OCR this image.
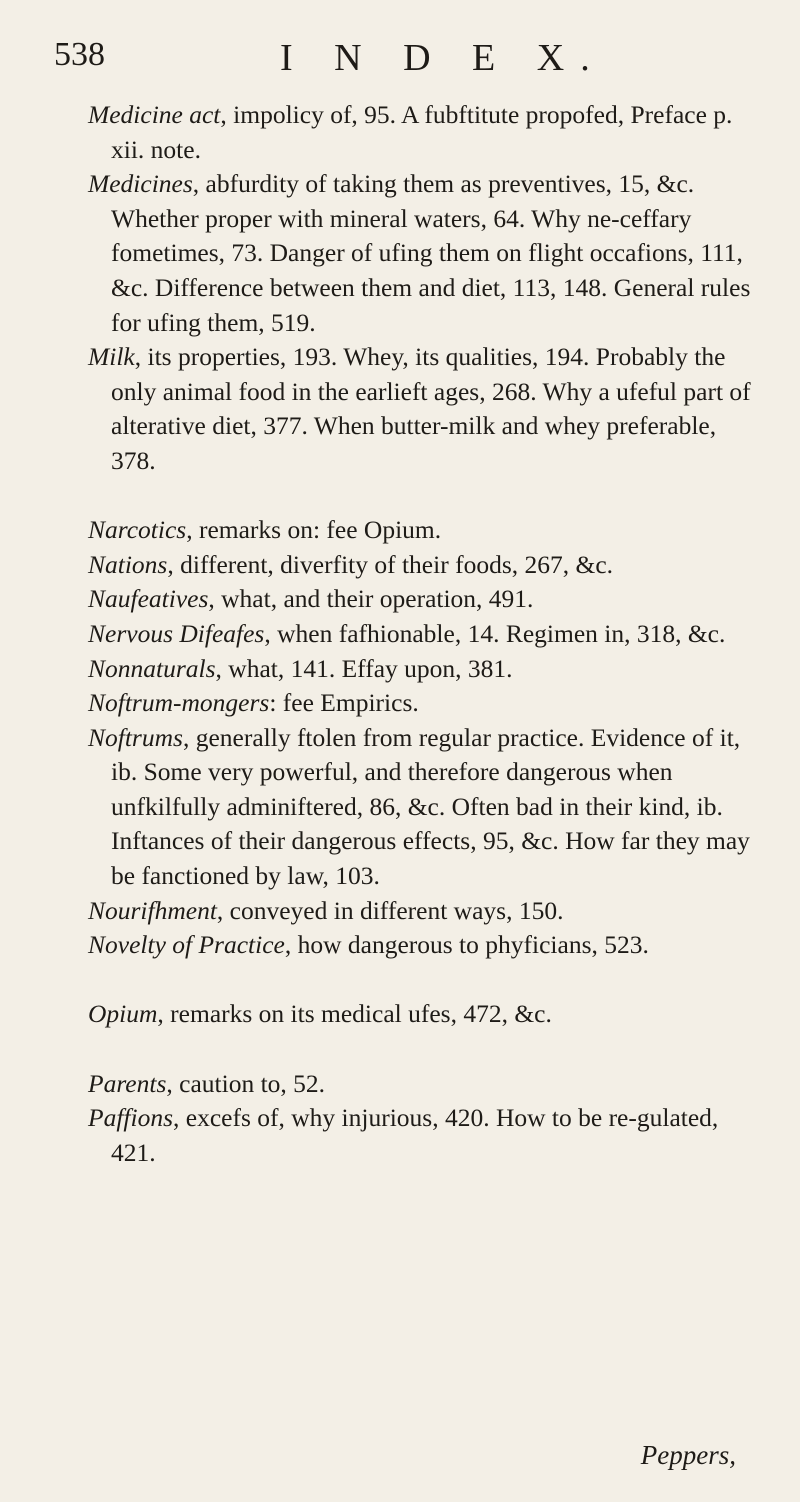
538	I N D E X.

Medicine act, impolicy of, 95. A fubftitute propofed, Preface p. xii. note.

Medicines, abfurdity of taking them as preventives, 15, &c. Whether proper with mineral waters, 64. Why ne-ceffary fometimes, 73. Danger of ufing them on flight occafions, 111, &c. Difference between them and diet, 113, 148. General rules for ufing them, 519.

Milk, its properties, 193. Whey, its qualities, 194. Probably the only animal food in the earlieft ages, 268. Why a ufeful part of alterative diet, 377. When butter-milk and whey preferable, 378.

Narcotics, remarks on: fee Opium.

Nations, different, diverfity of their foods, 267, &c.

Naufeatives, what, and their operation, 491.

Nervous Difeafes, when fafhionable, 14. Regimen in, 318, &c.

Nonnaturals, what, 141. Effay upon, 381.

Noftrum-mongers: fee Empirics.

Noftrums, generally ftolen from regular practice. Evidence of it, ib. Some very powerful, and therefore dangerous when unfkilfully adminiftered, 86, &c. Often bad in their kind, ib. Inftances of their dangerous effects, 95, &c. How far they may be fanctioned by law, 103.

Nourifhment, conveyed in different ways, 150.

Novelty of Practice, how dangerous to phyficians, 523.

Opium, remarks on its medical ufes, 472, &c.

Parents, caution to, 52.

Paffions, excefs of, why injurious, 420. How to be re-gulated, 421.

Peppers,
